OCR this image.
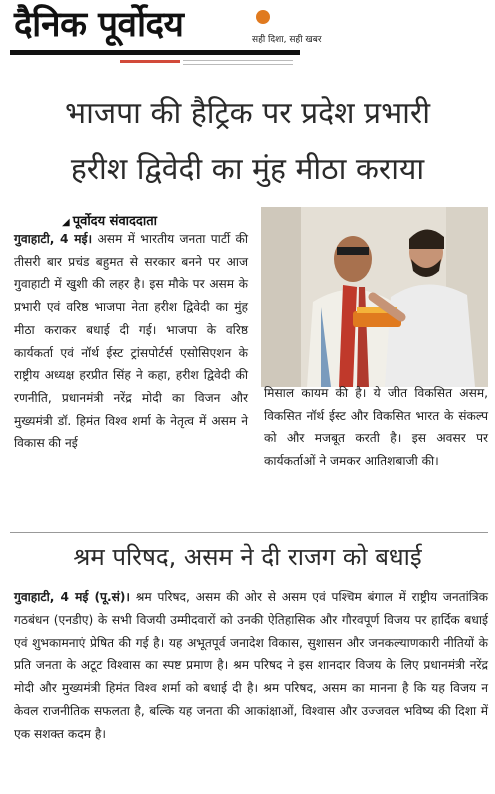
दैनिक पूर्वोदय	सही दिशा, सही खबर
भाजपा की हैट्रिक पर प्रदेश प्रभारी
हरीश द्विवेदी का मुंह मीठा कराया
◢ पूर्वोदय संवाददाता
गुवाहाटी, 4 मई। असम में भारतीय जनता पार्टी की तीसरी बार प्रचंड बहुमत से सरकार बनने पर आज गुवाहाटी में खुशी की लहर है। इस मौके पर असम के प्रभारी एवं वरिष्ठ भाजपा नेता हरीश द्विवेदी का मुंह मीठा कराकर बधाई दी गई। भाजपा के वरिष्ठ कार्यकर्ता एवं नॉर्थ ईस्ट ट्रांसपोर्टर्स एसोसिएशन के राष्ट्रीय अध्यक्ष हरप्रीत सिंह ने कहा, हरीश द्विवेदी की रणनीति, प्रधानमंत्री नरेंद्र मोदी का विजन और मुख्यमंत्री डॉ. हिमंत विश्व शर्मा के नेतृत्व में असम ने विकास की नई
मिसाल कायम की है। ये जीत विकसित असम, विकसित नॉर्थ ईस्ट और विकसित भारत के संकल्प को और मजबूत करती है। इस अवसर पर कार्यकर्ताओं ने जमकर आतिशबाजी की।
श्रम परिषद, असम ने दी राजग को बधाई
गुवाहाटी, 4 मई (पू.सं)। श्रम परिषद, असम की ओर से असम एवं पश्चिम बंगाल में राष्ट्रीय जनतांत्रिक गठबंधन (एनडीए) के सभी विजयी उम्मीदवारों को उनकी ऐतिहासिक और गौरवपूर्ण विजय पर हार्दिक बधाई एवं शुभकामनाएं प्रेषित की गई है। यह अभूतपूर्व जनादेश विकास, सुशासन और जनकल्याणकारी नीतियों के प्रति जनता के अटूट विश्वास का स्पष्ट प्रमाण है। श्रम परिषद ने इस शानदार विजय के लिए प्रधानमंत्री नरेंद्र मोदी और मुख्यमंत्री हिमंत विश्व शर्मा को बधाई दी है। श्रम परिषद, असम का मानना है कि यह विजय न केवल राजनीतिक सफलता है, बल्कि यह जनता की आकांक्षाओं, विश्वास और उज्जवल भविष्य की दिशा में एक सशक्त कदम है।
